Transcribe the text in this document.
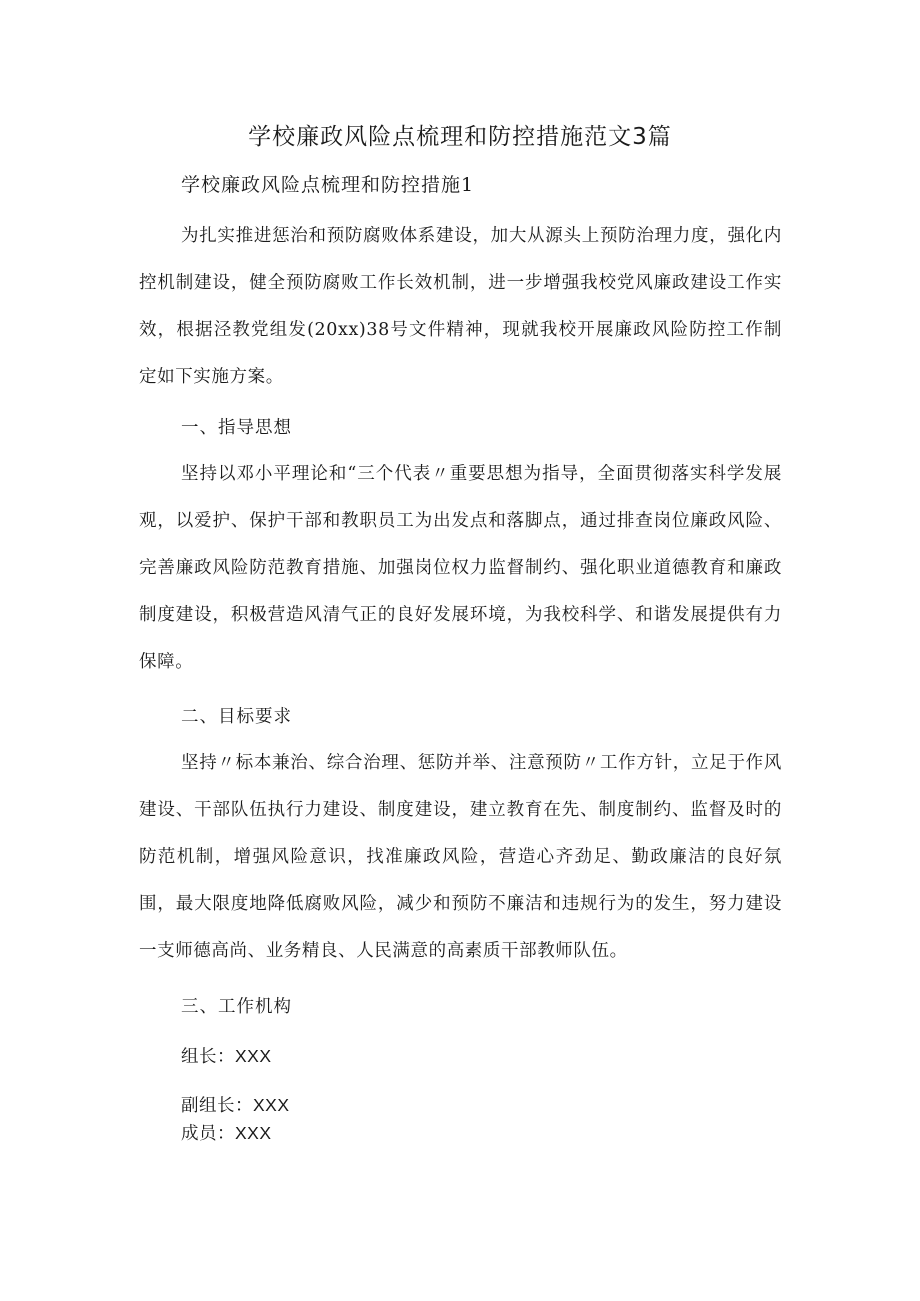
学校廉政风险点梳理和防控措施范文3篇
学校廉政风险点梳理和防控措施1

为扎实推进惩治和预防腐败体系建设，加大从源头上预防治理力度，强化内控机制建设，健全预防腐败工作长效机制，进一步增强我校党风廉政建设工作实效，根据泾教党组发(20xx)38号文件精神，现就我校开展廉政风险防控工作制定如下实施方案。

一、指导思想

坚持以邓小平理论和“三个代表〃重要思想为指导，全面贯彻落实科学发展观，以爱护、保护干部和教职员工为出发点和落脚点，通过排查岗位廉政风险、完善廉政风险防范教育措施、加强岗位权力监督制约、强化职业道德教育和廉政制度建设，积极营造风清气正的良好发展环境，为我校科学、和谐发展提供有力保障。

二、目标要求

坚持〃标本兼治、综合治理、惩防并举、注意预防〃工作方针，立足于作风建设、干部队伍执行力建设、制度建设，建立教育在先、制度制约、监督及时的防范机制，增强风险意识，找准廉政风险，营造心齐劲足、勤政廉洁的良好氛围，最大限度地降低腐败风险，减少和预防不廉洁和违规行为的发生，努力建设一支师德高尚、业务精良、人民满意的高素质干部教师队伍。

三、工作机构
组长：XXX
副组长：XXX
成员：XXX
